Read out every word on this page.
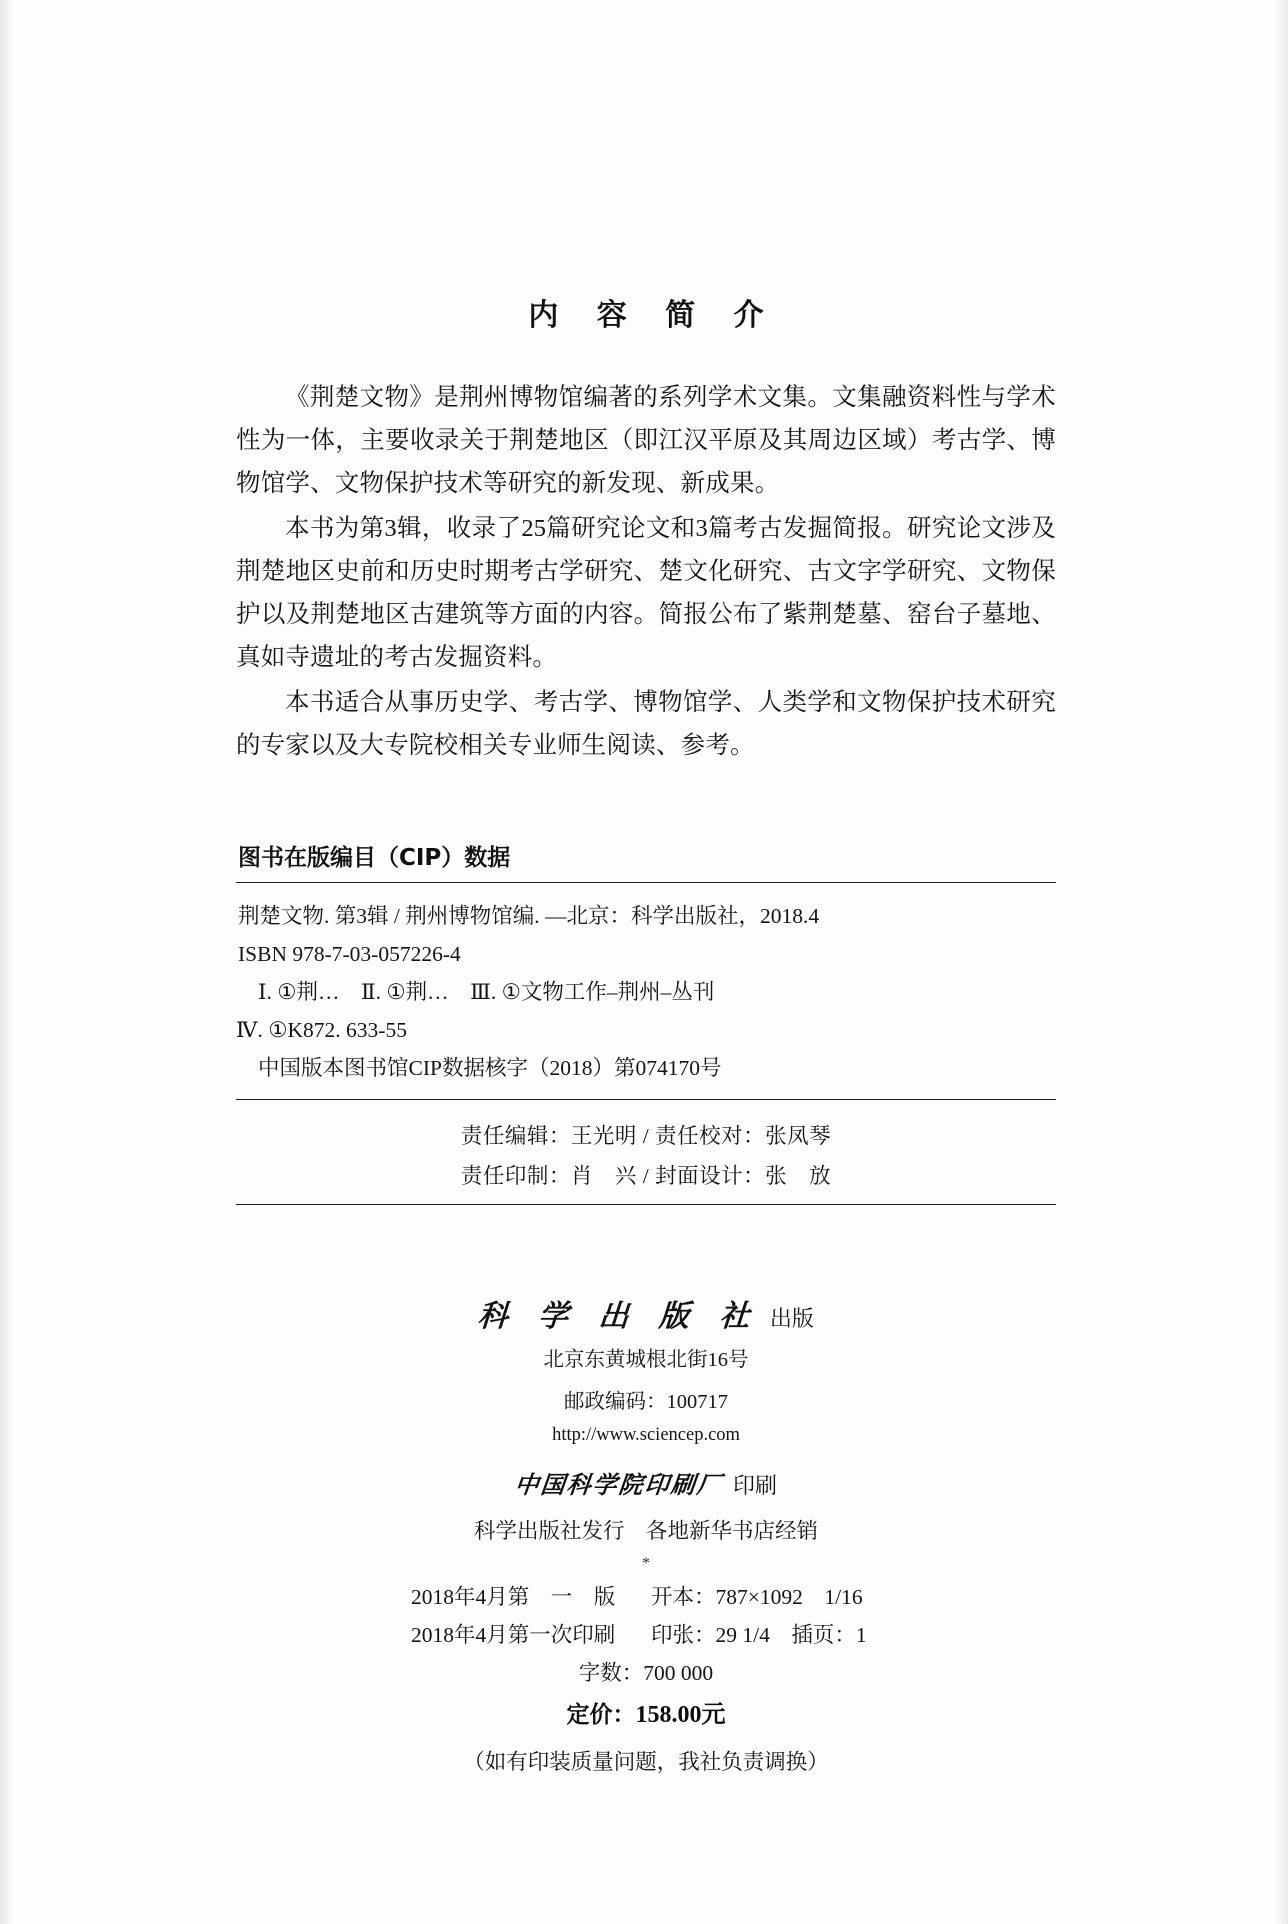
内 容 简 介

《荆楚文物》是荆州博物馆编著的系列学术文集。文集融资料性与学术性为一体，主要收录关于荆楚地区（即江汉平原及其周边区域）考古学、博物馆学、文物保护技术等研究的新发现、新成果。

本书为第3辑，收录了25篇研究论文和3篇考古发掘简报。研究论文涉及荆楚地区史前和历史时期考古学研究、楚文化研究、古文字学研究、文物保护以及荆楚地区古建筑等方面的内容。简报公布了紫荆楚墓、窑台子墓地、真如寺遗址的考古发掘资料。

本书适合从事历史学、考古学、博物馆学、人类学和文物保护技术研究的专家以及大专院校相关专业师生阅读、参考。

图书在版编目（CIP）数据
荆楚文物. 第3辑 / 荆州博物馆编. —北京：科学出版社，2018.4
ISBN 978-7-03-057226-4
Ⅰ. ①荆…　Ⅱ. ①荆…　Ⅲ. ①文物工作–荆州–丛刊
Ⅳ. ①K872. 633-55
中国版本图书馆CIP数据核字（2018）第074170号
责任编辑：王光明 / 责任校对：张凤琴
责任印制：肖　兴 / 封面设计：张　放
科 学 出 版 社 出版
北京东黄城根北街16号
邮政编码：100717
http://www.sciencep.com
中国科学院印刷厂 印刷
科学出版社发行　各地新华书店经销
*
2018年4月第　一　版	开本：787×1092　1/16
2018年4月第一次印刷	印张：29 1/4　插页：1
字数：700 000
定价：158.00元
（如有印装质量问题，我社负责调换）
